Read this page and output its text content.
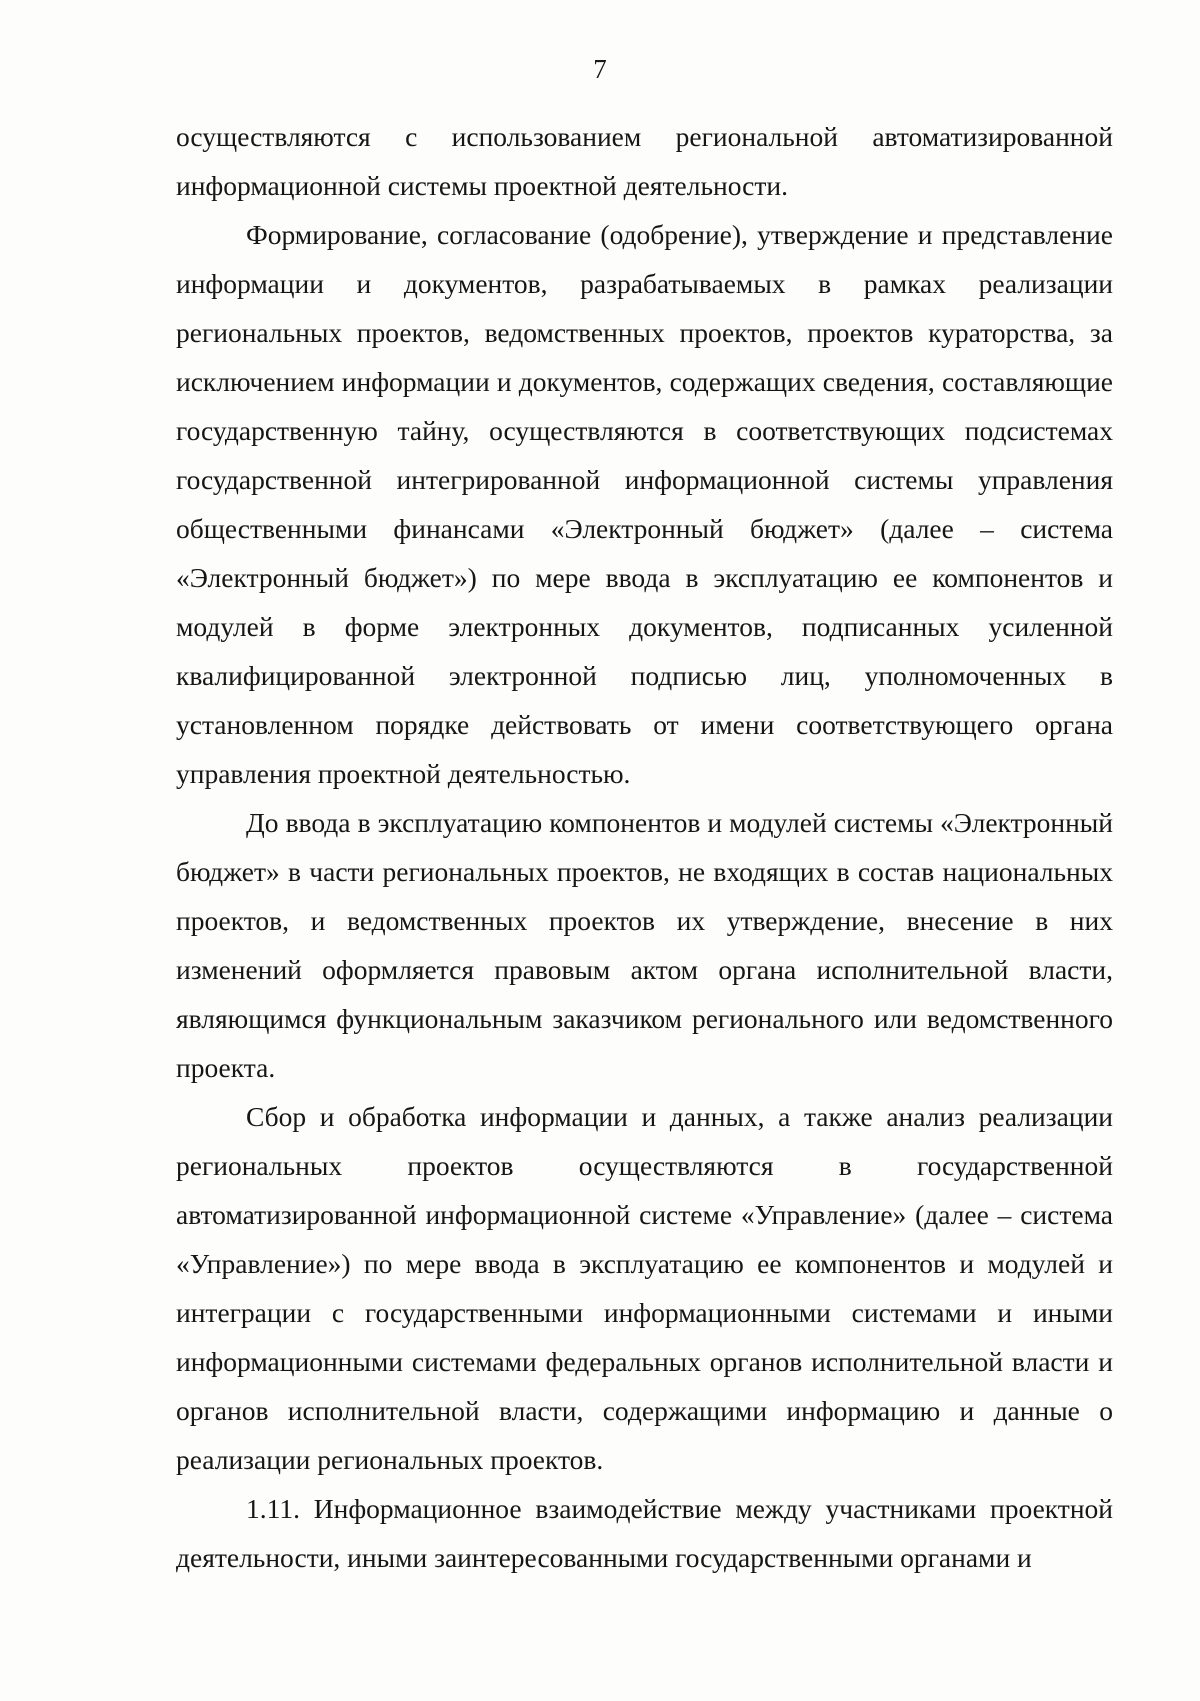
7

осуществляются с использованием региональной автоматизированной информационной системы проектной деятельности.

Формирование, согласование (одобрение), утверждение и представление информации и документов, разрабатываемых в рамках реализации региональных проектов, ведомственных проектов, проектов кураторства, за исключением информации и документов, содержащих сведения, составляющие государственную тайну, осуществляются в соответствующих подсистемах государственной интегрированной информационной системы управления общественными финансами «Электронный бюджет» (далее – система «Электронный бюджет») по мере ввода в эксплуатацию ее компонентов и модулей в форме электронных документов, подписанных усиленной квалифицированной электронной подписью лиц, уполномоченных в установленном порядке действовать от имени соответствующего органа управления проектной деятельностью.

До ввода в эксплуатацию компонентов и модулей системы «Электронный бюджет» в части региональных проектов, не входящих в состав национальных проектов, и ведомственных проектов их утверждение, внесение в них изменений оформляется правовым актом органа исполнительной власти, являющимся функциональным заказчиком регионального или ведомственного проекта.

Сбор и обработка информации и данных, а также анализ реализации региональных проектов осуществляются в государственной автоматизированной информационной системе «Управление» (далее – система «Управление») по мере ввода в эксплуатацию ее компонентов и модулей и интеграции с государственными информационными системами и иными информационными системами федеральных органов исполнительной власти и органов исполнительной власти, содержащими информацию и данные о реализации региональных проектов.

1.11. Информационное взаимодействие между участниками проектной деятельности, иными заинтересованными государственными органами и
